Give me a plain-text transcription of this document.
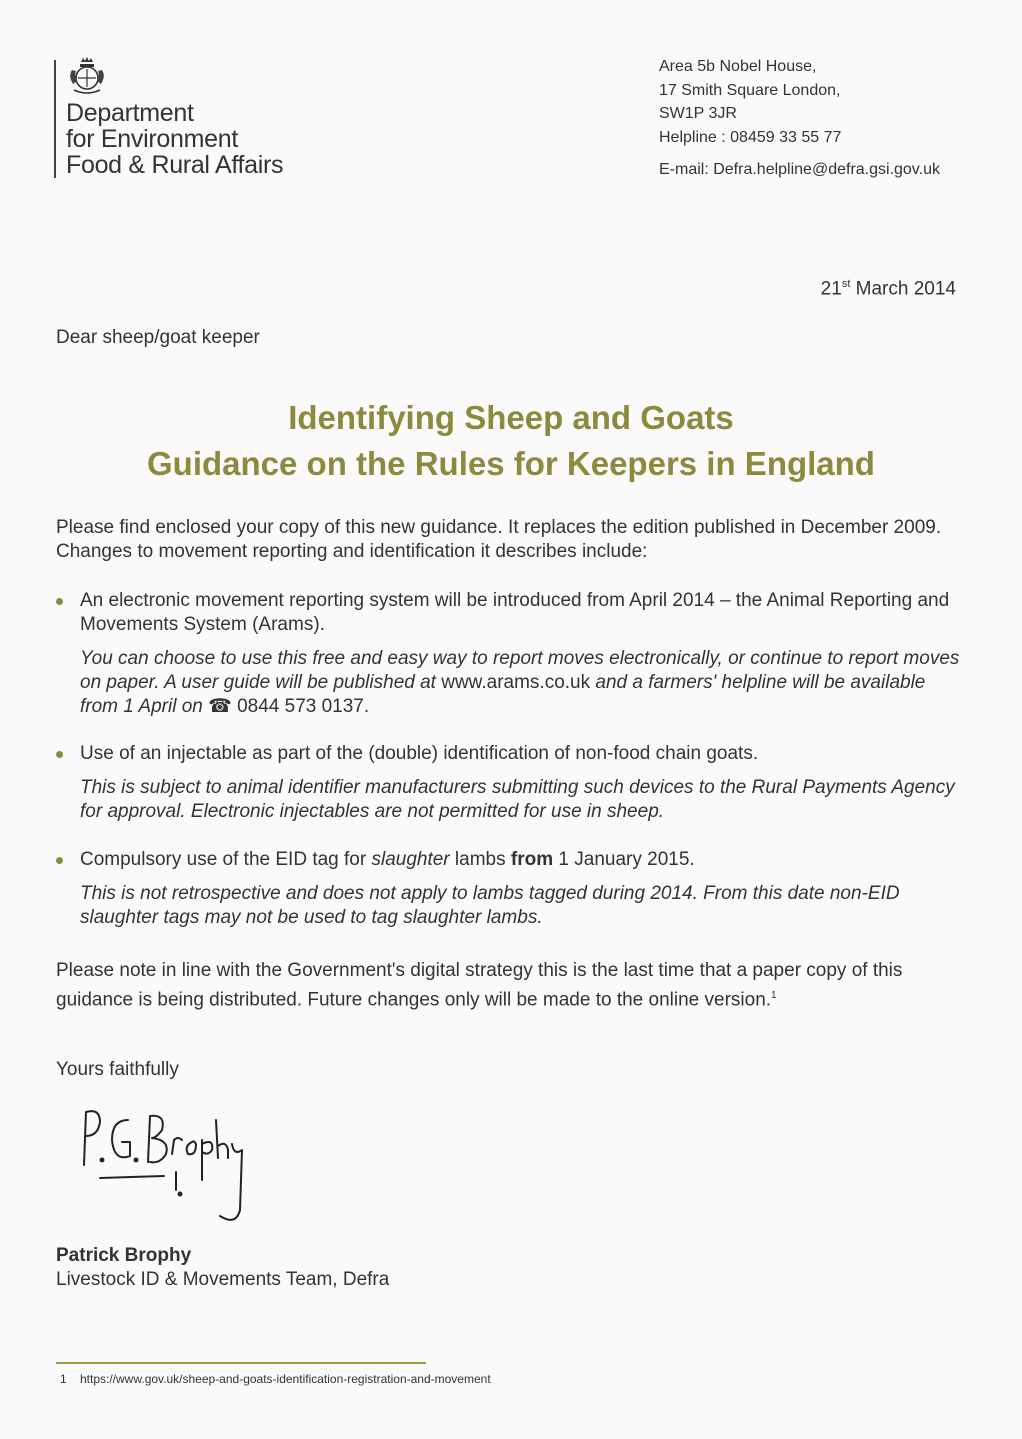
Department
for Environment
Food & Rural Affairs
Area 5b Nobel House,
17 Smith Square London,
SW1P 3JR
Helpline : 08459 33 55 77
E-mail: Defra.helpline@defra.gsi.gov.uk
21st March 2014
Dear sheep/goat keeper
Identifying Sheep and Goats
Guidance on the Rules for Keepers in England
Please find enclosed your copy of this new guidance. It replaces the edition published in December 2009. Changes to movement reporting and identification it describes include:
An electronic movement reporting system will be introduced from April 2014 – the Animal Reporting and Movements System (Arams).
You can choose to use this free and easy way to report moves electronically, or continue to report moves on paper. A user guide will be published at www.arams.co.uk and a farmers' helpline will be available from 1 April on ☎ 0844 573 0137.
Use of an injectable as part of the (double) identification of non-food chain goats.
This is subject to animal identifier manufacturers submitting such devices to the Rural Payments Agency for approval. Electronic injectables are not permitted for use in sheep.
Compulsory use of the EID tag for slaughter lambs from 1 January 2015.
This is not retrospective and does not apply to lambs tagged during 2014. From this date non-EID slaughter tags may not be used to tag slaughter lambs.
Please note in line with the Government's digital strategy this is the last time that a paper copy of this guidance is being distributed. Future changes only will be made to the online version.$^1$
Yours faithfully
Patrick Brophy
Livestock ID & Movements Team, Defra
1 https://www.gov.uk/sheep-and-goats-identification-registration-and-movement
